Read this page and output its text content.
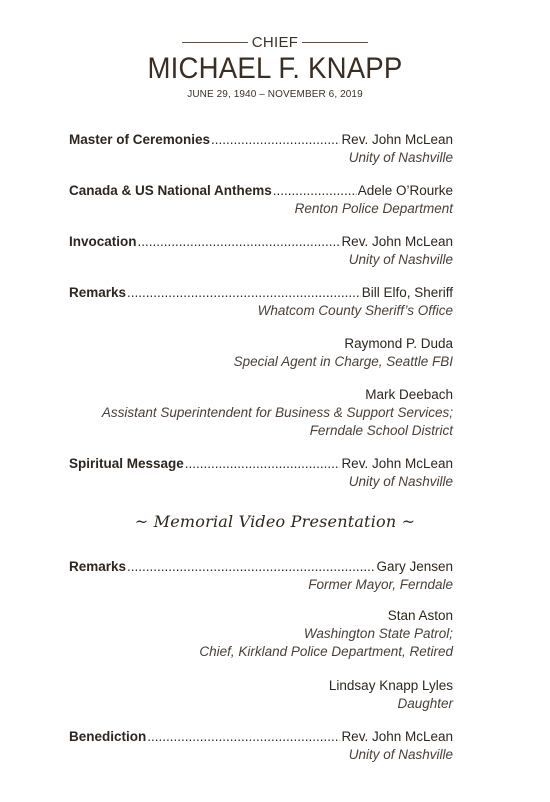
CHIEF
MICHAEL F. KNAPP
JUNE 29, 1940 – NOVEMBER 6, 2019
Master of Ceremonies .....	Rev. John McLean
Unity of Nashville
Canada & US National Anthems .....	Adele O’Rourke
Renton Police Department
Invocation .....	Rev. John McLean
Unity of Nashville
Remarks .....	Bill Elfo, Sheriff
Whatcom County Sheriff’s Office
Raymond P. Duda
Special Agent in Charge, Seattle FBI
Mark Deebach
Assistant Superintendent for Business & Support Services;
Ferndale School District
Spiritual Message .....	Rev. John McLean
Unity of Nashville
~ Memorial Video Presentation ~
Remarks .....	Gary Jensen
Former Mayor, Ferndale
Stan Aston
Washington State Patrol;
Chief, Kirkland Police Department, Retired
Lindsay Knapp Lyles
Daughter
Benediction .....	Rev. John McLean
Unity of Nashville
